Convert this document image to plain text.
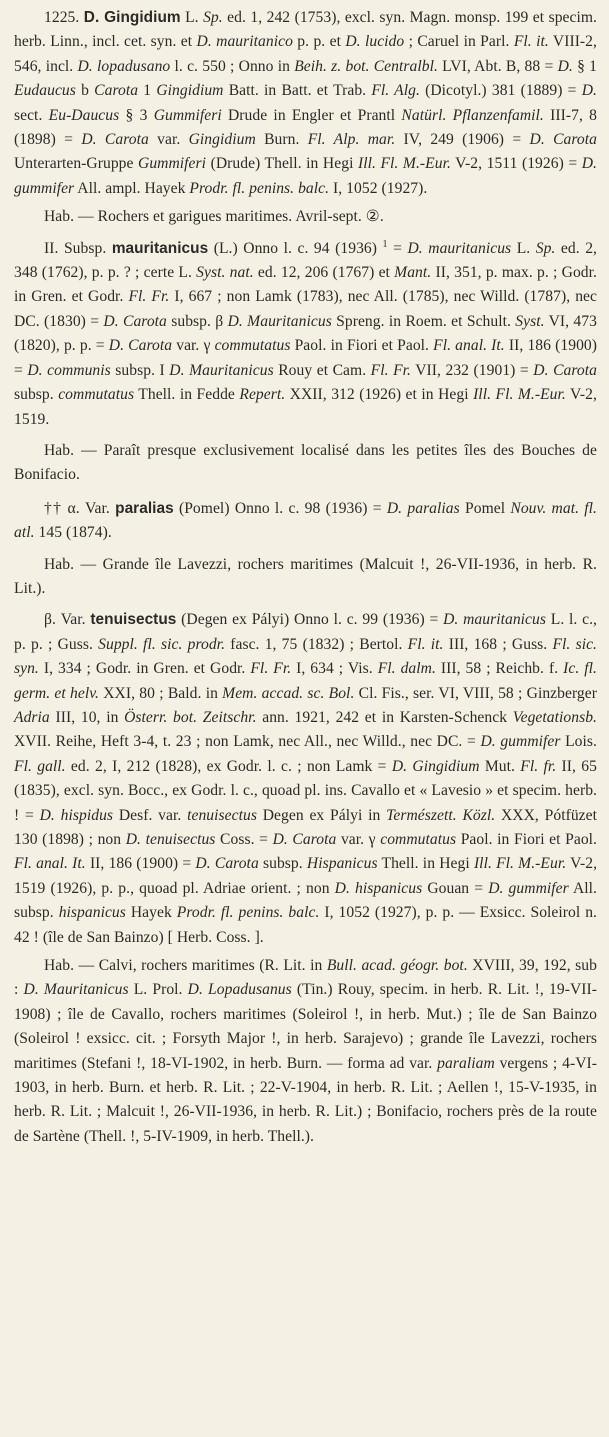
1225. D. Gingidium L. Sp. ed. 1, 242 (1753), excl. syn. Magn. monsp. 199 et specim. herb. Linn., incl. cet. syn. et D. mauritanico p. p. et D. lucido ; Caruel in Parl. Fl. it. VIII-2, 546, incl. D. lopadusano l. c. 550 ; Onno in Beih. z. bot. Centralbl. LVI, Abt. B, 88 = D. § 1 Eudaucus b Carota 1 Gingidium Batt. in Batt. et Trab. Fl. Alg. (Dicotyl.) 381 (1889) = D. sect. Eu-Daucus § 3 Gummiferi Drude in Engler et Prantl Natürl. Pflanzenfamil. III-7, 8 (1898) = D. Carota var. Gingidium Burn. Fl. Alp. mar. IV, 249 (1906) = D. Carota Unterarten-Gruppe Gummiferi (Drude) Thell. in Hegi Ill. Fl. M.-Eur. V-2, 1511 (1926) = D. gummifer All. ampl. Hayek Prodr. fl. penins. balc. I, 1052 (1927).

Hab. — Rochers et garigues maritimes. Avril-sept. ②.

II. Subsp. mauritanicus (L.) Onno l. c. 94 (1936) $^1$ = D. mauritanicus L. Sp. ed. 2, 348 (1762), p. p. ? ; certe L. Syst. nat. ed. 12, 206 (1767) et Mant. II, 351, p. max. p. ; Godr. in Gren. et Godr. Fl. Fr. I, 667 ; non Lamk (1783), nec All. (1785), nec Willd. (1787), nec DC. (1830) = D. Carota subsp. β D. Mauritanicus Spreng. in Roem. et Schult. Syst. VI, 473 (1820), p. p. = D. Carota var. γ commutatus Paol. in Fiori et Paol. Fl. anal. It. II, 186 (1900) = D. communis subsp. I D. Mauritanicus Rouy et Cam. Fl. Fr. VII, 232 (1901) = D. Carota subsp. commutatus Thell. in Fedde Repert. XXII, 312 (1926) et in Hegi Ill. Fl. M.-Eur. V-2, 1519.

Hab. — Paraît presque exclusivement localisé dans les petites îles des Bouches de Bonifacio.

†† α. Var. paralias (Pomel) Onno l. c. 98 (1936) = D. paralias Pomel Nouv. mat. fl. atl. 145 (1874).

Hab. — Grande île Lavezzi, rochers maritimes (Malcuit !, 26-VII-1936, in herb. R. Lit.).

β. Var. tenuisectus (Degen ex Pályi) Onno l. c. 99 (1936) = D. mauritanicus L. l. c., p. p. ; Guss. Suppl. fl. sic. prodr. fasc. 1, 75 (1832) ; Bertol. Fl. it. III, 168 ; Guss. Fl. sic. syn. I, 334 ; Godr. in Gren. et Godr. Fl. Fr. I, 634 ; Vis. Fl. dalm. III, 58 ; Reichb. f. Ic. fl. germ. et helv. XXI, 80 ; Bald. in Mem. accad. sc. Bol. Cl. Fis., ser. VI, VIII, 58 ; Ginzberger Adria III, 10, in Österr. bot. Zeitschr. ann. 1921, 242 et in Karsten-Schenck Vegetationsb. XVII. Reihe, Heft 3-4, t. 23 ; non Lamk, nec All., nec Willd., nec DC. = D. gummifer Lois. Fl. gall. ed. 2, I, 212 (1828), ex Godr. l. c. ; non Lamk = D. Gingidium Mut. Fl. fr. II, 65 (1835), excl. syn. Bocc., ex Godr. l. c., quoad pl. ins. Cavallo et « Lavesio » et specim. herb. ! = D. hispidus Desf. var. tenuisectus Degen ex Pályi in Természett. Közl. XXX, Pótfüzet 130 (1898) ; non D. tenuisectus Coss. = D. Carota var. γ commutatus Paol. in Fiori et Paol. Fl. anal. It. II, 186 (1900) = D. Carota subsp. Hispanicus Thell. in Hegi Ill. Fl. M.-Eur. V-2, 1519 (1926), p. p., quoad pl. Adriae orient. ; non D. hispanicus Gouan = D. gummifer All. subsp. hispanicus Hayek Prodr. fl. penins. balc. I, 1052 (1927), p. p. — Exsicc. Soleirol n. 42 ! (île de San Bainzo) [ Herb. Coss. ].

Hab. — Calvi, rochers maritimes (R. Lit. in Bull. acad. géogr. bot. XVIII, 39, 192, sub : D. Mauritanicus L. Prol. D. Lopadusanus (Tin.) Rouy, specim. in herb. R. Lit. !, 19-VII-1908) ; île de Cavallo, rochers maritimes (Soleirol !, in herb. Mut.) ; île de San Bainzo (Soleirol ! exsicc. cit. ; Forsyth Major !, in herb. Sarajevo) ; grande île Lavezzi, rochers maritimes (Stefani !, 18-VI-1902, in herb. Burn. — forma ad var. paraliam vergens ; 4-VI-1903, in herb. Burn. et herb. R. Lit. ; 22-V-1904, in herb. R. Lit. ; Aellen !, 15-V-1935, in herb. R. Lit. ; Malcuit !, 26-VII-1936, in herb. R. Lit.) ; Bonifacio, rochers près de la route de Sartène (Thell. !, 5-IV-1909, in herb. Thell.).
